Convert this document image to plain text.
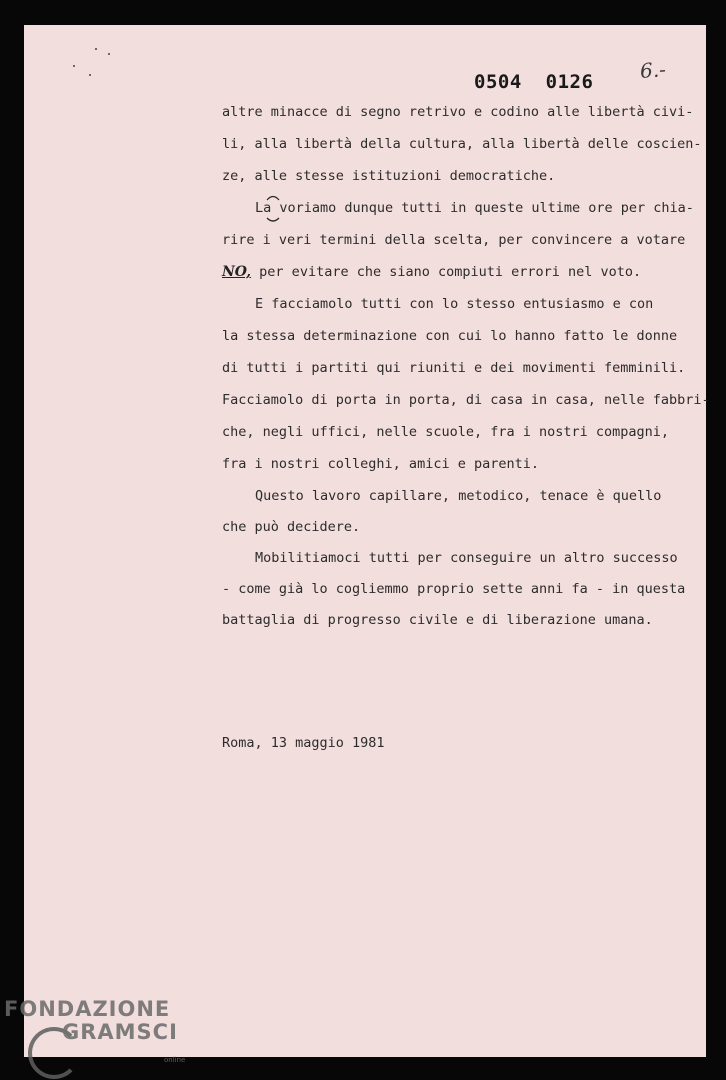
6.-
0504  0126
altre minacce di segno retrivo e codino alle libertà civi-
li, alla libertà della cultura, alla libertà delle coscien-
ze, alle stesse istituzioni democratiche.
La voriamo dunque tutti in queste ultime ore per chia-
rire i veri termini della scelta, per convincere a votare
NO, per evitare che siano compiuti errori nel voto.
E facciamolo tutti con lo stesso entusiasmo e con
la stessa determinazione con cui lo hanno fatto le donne
di tutti i partiti qui riuniti e dei movimenti femminili.
Facciamolo di porta in porta, di casa in casa, nelle fabbri-
che, negli uffici, nelle scuole, fra i nostri compagni,
fra i nostri colleghi, amici e parenti.
Questo lavoro capillare, metodico, tenace è quello
che può decidere.
Mobilitiamoci tutti per conseguire un altro successo
- come già lo cogliemmo proprio sette anni fa - in questa
battaglia di progresso civile e di liberazione umana.
Roma, 13 maggio 1981
FONDAZIONE
GRAMSCI
online
